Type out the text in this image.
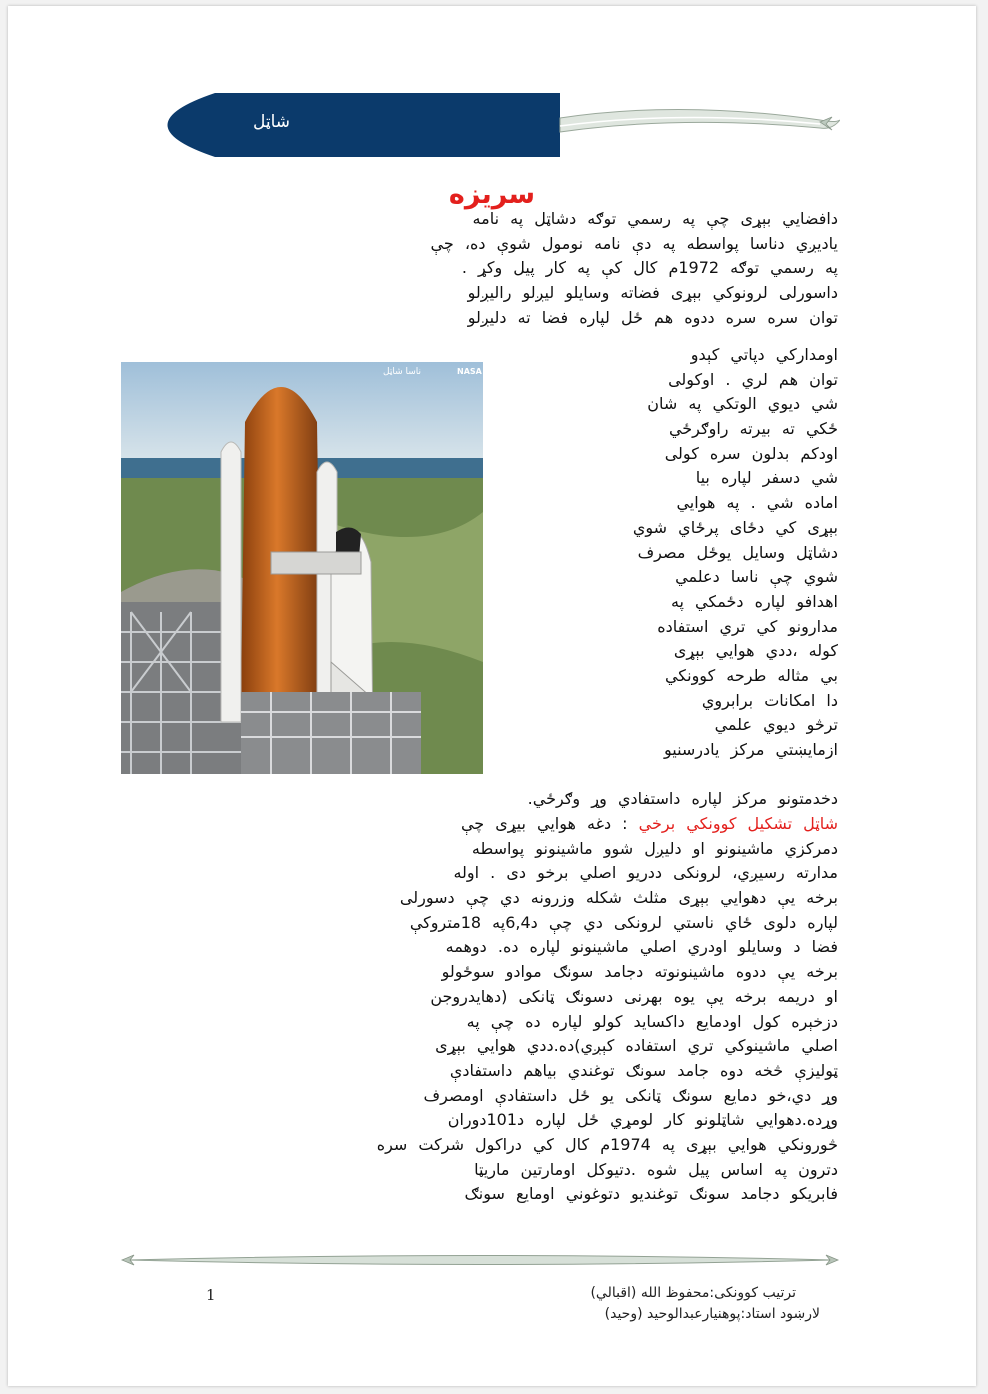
شاټل
سریزه
دافضايي بېړی چې په رسمي توګه دشاټل په نامه
یادیږي دناسا پواسطه په دې نامه نومول شوې ده، چې
په رسمي توګه 1972م کال کې په کار پیل وکړ .
داسورلی لرونوکي بېړی فضاته وسایلو لیږلو رالیږلو
توان سره سره ددوه هم ځل لپاره فضا ته دلیږلو
اومدارکي دپاتي کېدو
توان هم لري . اوکولی
شي دیوي الوتکي په شان
ځکي ته بیرته راوګرځي
اودکم بدلون سره کولی
شي دسفر لپاره بیا
اماده شي . په هوایي
بېړی کي دځای پرځاي شوي
دشاټل وسایل یوځل مصرف
شوي چې ناسا دعلمي
اهدافو لپاره دځمکي په
مدارونو کي تري استفاده
کوله ،ددي هوايي بېړی
بي مثاله طرحه کوونکي
دا امکانات برابروي
ترڅو ديوي علمي
ازمایښتي مرکز یادرسنیو
ناسا شاټل	NASA
دخدمتونو مرکز لپاره داستفادي وړ وګرځي.
شاټل تشکیل کوونکي برخي : دغه هوايي بيړی چې
دمرکزي ماشینونو او دلیږل شوو ماشینونو پواسطه
مدارته رسیږي، لرونکی ددریو اصلي برخو دی . اوله
برخه يې دهوايي بېړی مثلث شکله وزرونه دي چې دسورلی
لپاره دلوی ځاي ناستي لرونکی دي چې د6,4په 18متروکې
فضا د وسایلو اودري اصلي ماشینونو لپاره ده. دوهمه
برخه يې ددوه ماشینونوته دجامد سونګ موادو سوځولو
او دریمه برخه يې یوه بهرنی دسونګ ټانکی (دهایدروجن
دزخېره کول اودمایع داکساید کولو لپاره ده چې په
اصلي ماشینوکي تري استفاده کېږي)ده.ددي هوايي بېړی
ټولیزې څخه دوه جامد سونګ توغندي بیاهم داستفادې
وړ دي،خو دمایع سونګ ټانکی یو ځل داستفادې اومصرف
وړده.دهوايي شاټلونو کار لومړي ځل لپاره د101دوران
څورونکي هوايي بېړی په 1974م کال کي دراکول شرکت سره
دترون په اساس پیل شوه .دتیوکل اومارتین ماریټا
فابریکو دجامد سونګ توغندیو دتوغوني اومایع سونګ
1	ترتیب کوونکی:محفوظ الله (اقبالي)
لارښود استاد:پوهنیارعبدالوحید (وحید)
